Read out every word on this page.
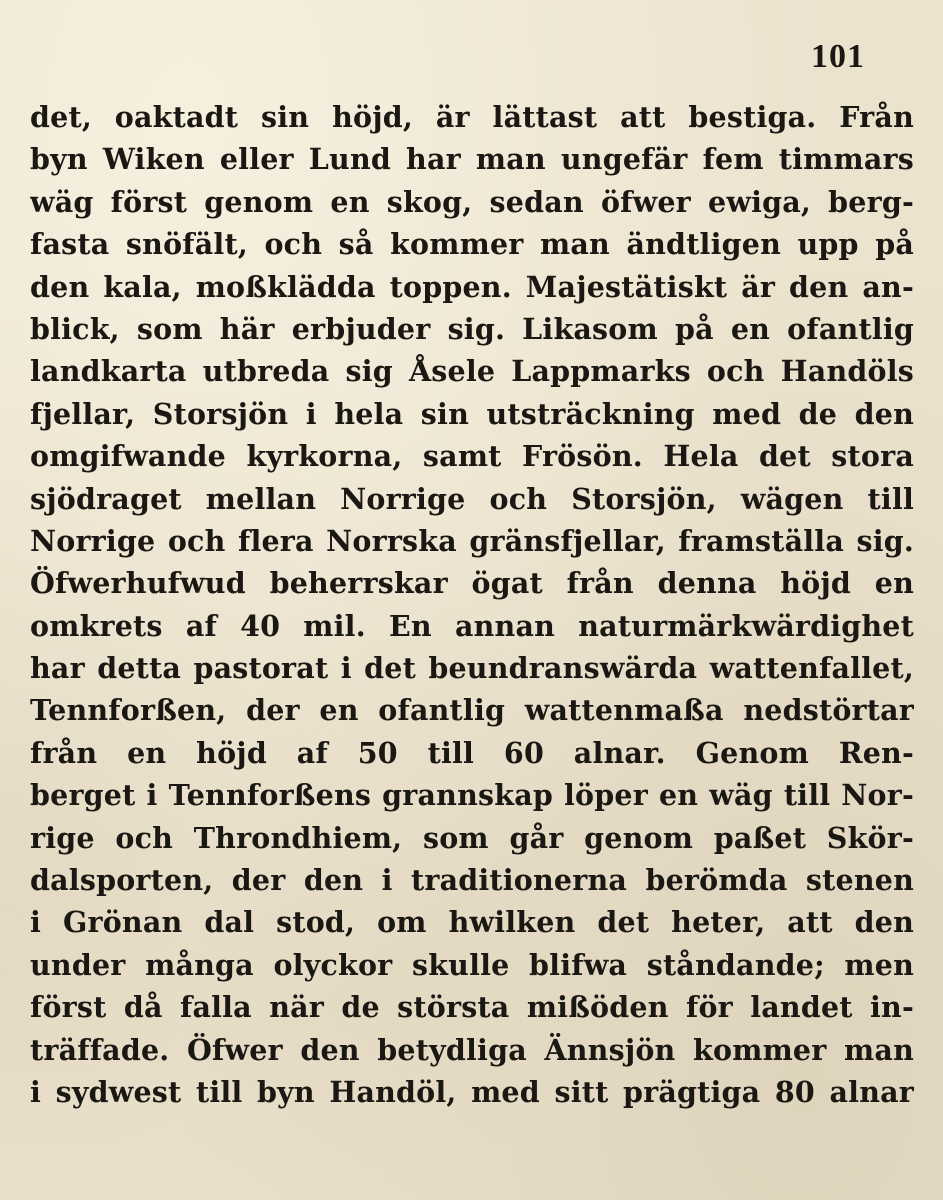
101
det, oaktadt sin höjd, är lättast att bestiga. Från
byn Wiken eller Lund har man ungefär fem timmars
wäg först genom en skog, sedan öfwer ewiga, berg-
fasta snöfält, och så kommer man ändtligen upp på
den kala, moßklädda toppen. Majestätiskt är den an-
blick, som här erbjuder sig. Likasom på en ofantlig
landkarta utbreda sig Åsele Lappmarks och Handöls
fjellar, Storsjön i hela sin utsträckning med de den
omgifwande kyrkorna, samt Frösön. Hela det stora
sjödraget mellan Norrige och Storsjön, wägen till
Norrige och flera Norrska gränsfjellar, framställa sig.
Öfwerhufwud beherrskar ögat från denna höjd en
omkrets af 40 mil. En annan naturmärkwärdighet
har detta pastorat i det beundranswärda wattenfallet,
Tennforßen, der en ofantlig wattenmaßa nedstörtar
från en höjd af 50 till 60 alnar. Genom Ren-
berget i Tennforßens grannskap löper en wäg till Nor-
rige och Throndhiem, som går genom paßet Skör-
dalsporten, der den i traditionerna berömda stenen
i Grönan dal stod, om hwilken det heter, att den
under många olyckor skulle blifwa ståndande; men
först då falla när de största mißöden för landet in-
träffade. Öfwer den betydliga Ännsjön kommer man
i sydwest till byn Handöl, med sitt prägtiga 80 alnar
